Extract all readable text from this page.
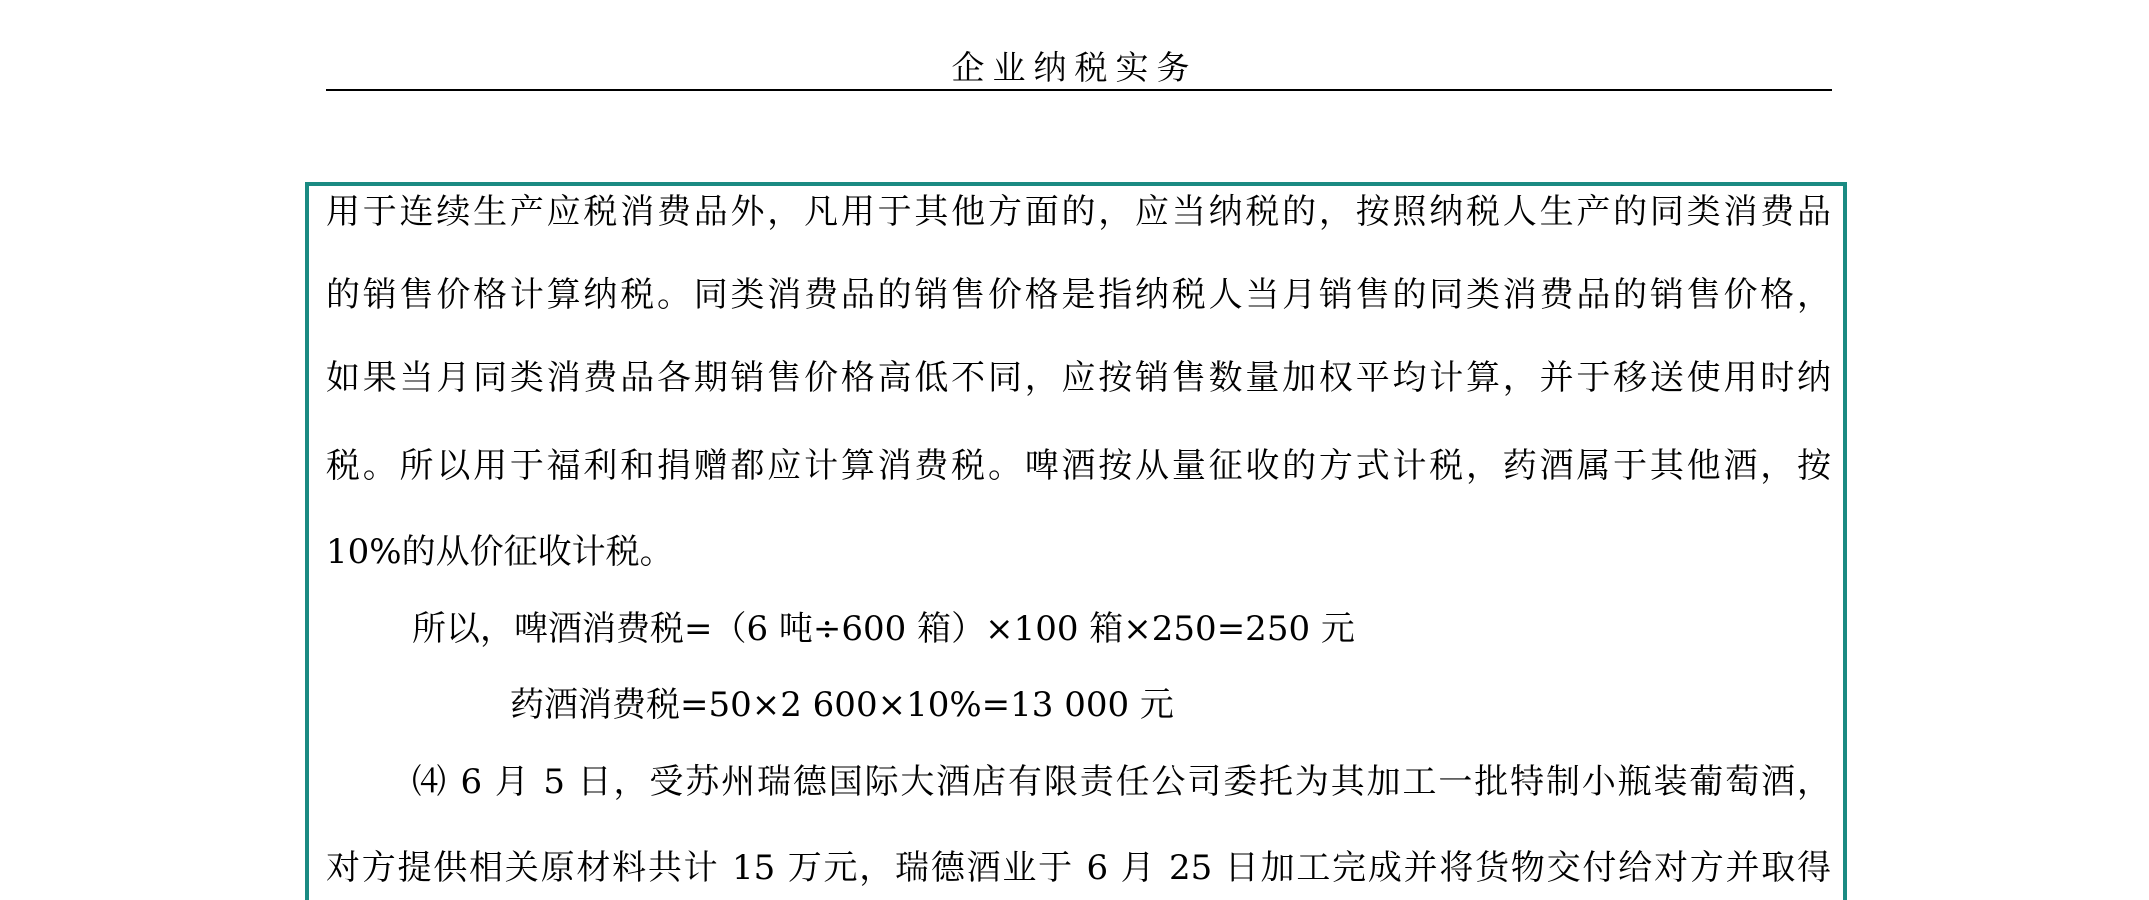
企业纳税实务
用于连续生产应税消费品外，凡用于其他方面的，应当纳税的，按照纳税人生产的同类消费品
的销售价格计算纳税。同类消费品的销售价格是指纳税人当月销售的同类消费品的销售价格，
如果当月同类消费品各期销售价格高低不同，应按销售数量加权平均计算，并于移送使用时纳
税。所以用于福利和捐赠都应计算消费税。啤酒按从量征收的方式计税，药酒属于其他酒，按
10%的从价征收计税。
所以，啤酒消费税=（6 吨÷600 箱）×100 箱×250=250 元
药酒消费税=50×2 600×10%=13 000 元
⑷ 6 月 5 日，受苏州瑞德国际大酒店有限责任公司委托为其加工一批特制小瓶装葡萄酒，
对方提供相关原材料共计 15 万元，瑞德酒业于 6 月 25 日加工完成并将货物交付给对方并取得
